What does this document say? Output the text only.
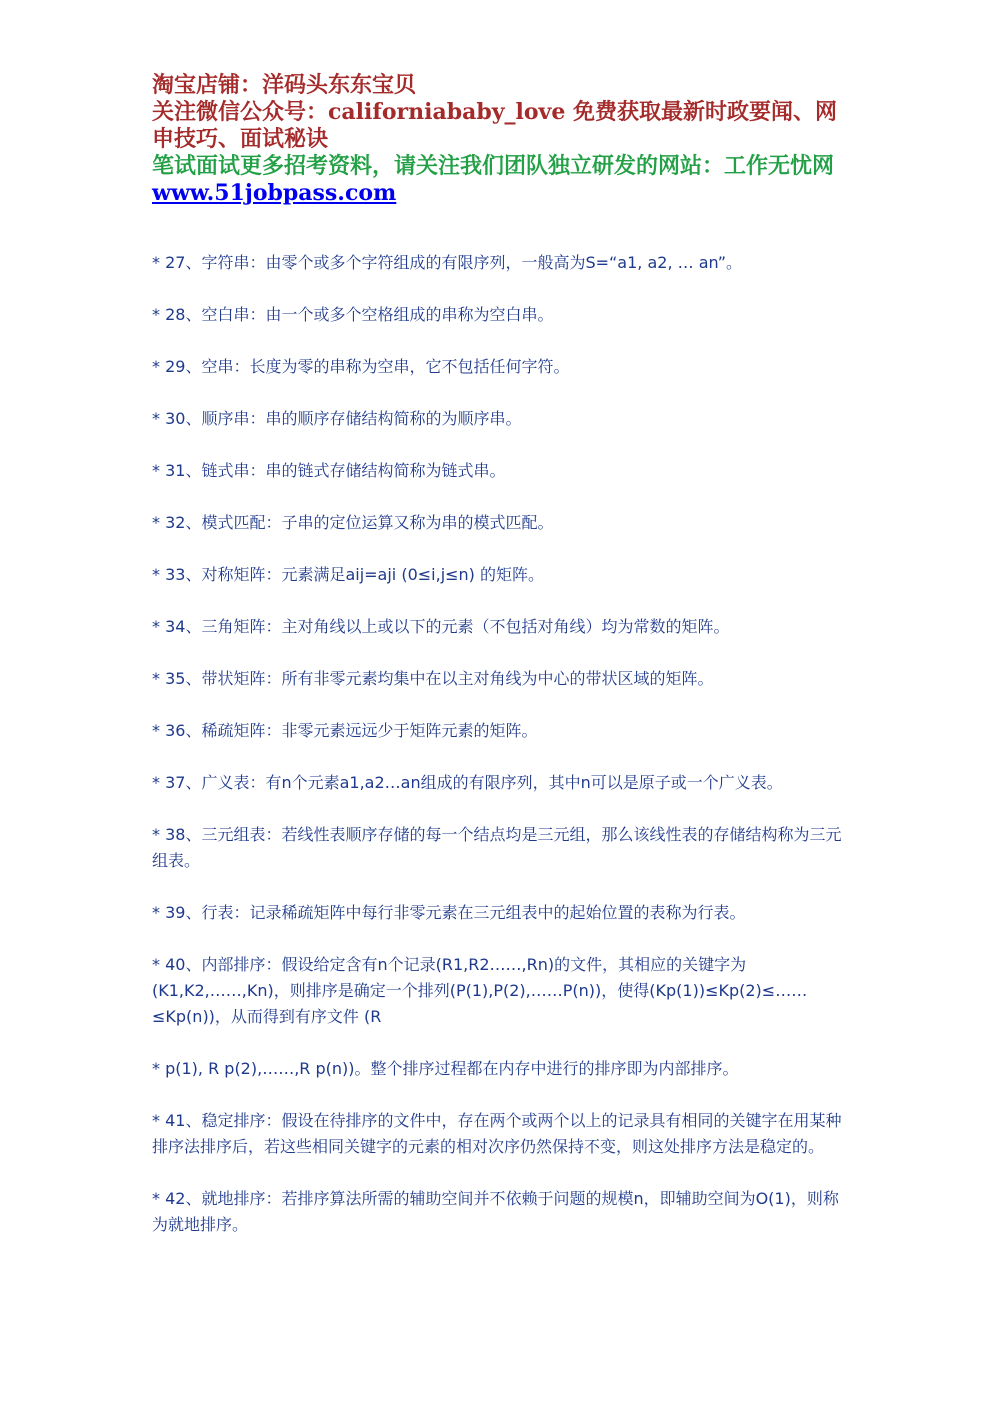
淘宝店铺：洋码头东东宝贝
关注微信公众号：californiababy_love 免费获取最新时政要闻、网申技巧、面试秘诀
笔试面试更多招考资料，请关注我们团队独立研发的网站：工作无忧网 www.51jobpass.com
* 27、字符串：由零个或多个字符组成的有限序列，一般高为S=“a1, a2, … an”。
* 28、空白串：由一个或多个空格组成的串称为空白串。
* 29、空串：长度为零的串称为空串，它不包括任何字符。
* 30、顺序串：串的顺序存储结构简称的为顺序串。
* 31、链式串：串的链式存储结构简称为链式串。
* 32、模式匹配：子串的定位运算又称为串的模式匹配。
* 33、对称矩阵：元素满足aij=aji (0≤i,j≤n) 的矩阵。
* 34、三角矩阵：主对角线以上或以下的元素（不包括对角线）均为常数的矩阵。
* 35、带状矩阵：所有非零元素均集中在以主对角线为中心的带状区域的矩阵。
* 36、稀疏矩阵：非零元素远远少于矩阵元素的矩阵。
* 37、广义表：有n个元素a1,a2…an组成的有限序列，其中n可以是原子或一个广义表。
* 38、三元组表：若线性表顺序存储的每一个结点均是三元组，那么该线性表的存储结构称为三元组表。
* 39、行表：记录稀疏矩阵中每行非零元素在三元组表中的起始位置的表称为行表。
* 40、内部排序：假设给定含有n个记录(R1,R2……,Rn)的文件，其相应的关键字为(K1,K2,……,Kn)，则排序是确定一个排列(P(1),P(2),……P(n))，使得(Kp(1))≤Kp(2)≤……≤Kp(n))，从而得到有序文件 (R
* p(1), R p(2),……,R p(n))。整个排序过程都在内存中进行的排序即为内部排序。
* 41、稳定排序：假设在待排序的文件中，存在两个或两个以上的记录具有相同的关键字在用某种排序法排序后，若这些相同关键字的元素的相对次序仍然保持不变，则这处排序方法是稳定的。
* 42、就地排序：若排序算法所需的辅助空间并不依赖于问题的规模n，即辅助空间为O(1)，则称为就地排序。
